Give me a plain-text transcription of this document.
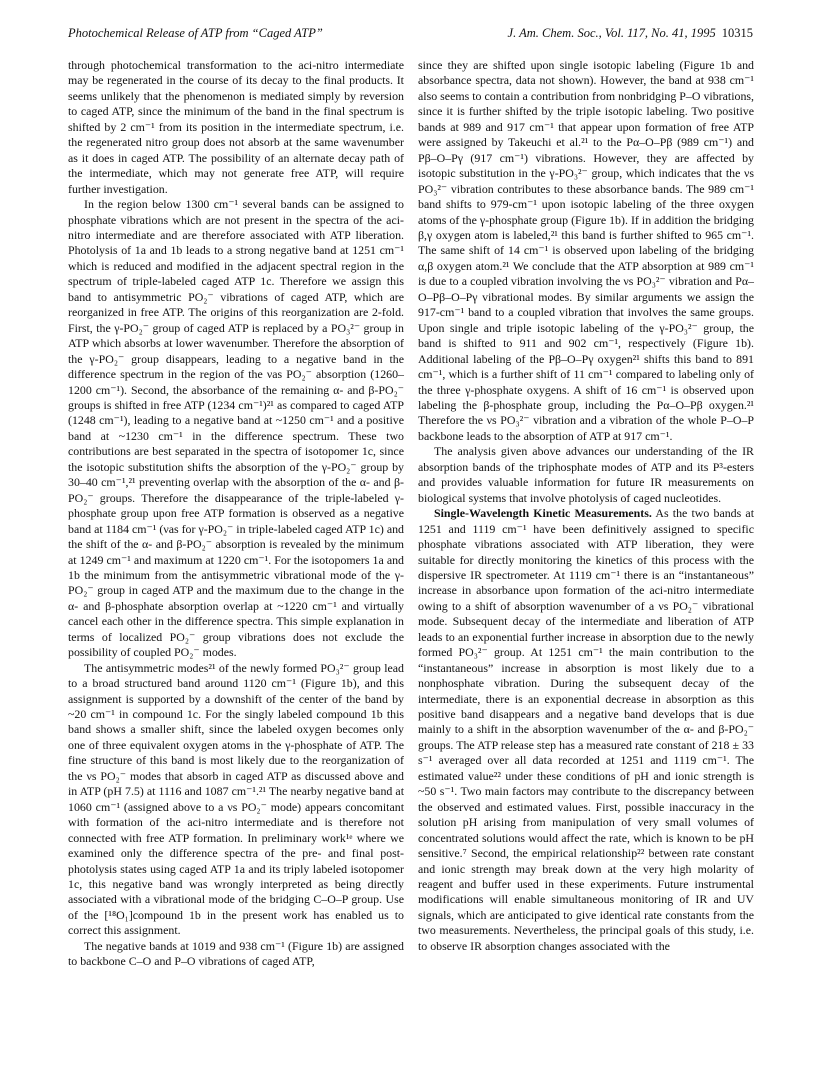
Photochemical Release of ATP from “Caged ATP”	J. Am. Chem. Soc., Vol. 117, No. 41, 1995 10315

through photochemical transformation to the aci-nitro intermediate may be regenerated in the course of its decay to the final products. It seems unlikely that the phenomenon is mediated simply by reversion to caged ATP, since the minimum of the band in the final spectrum is shifted by 2 cm⁻¹ from its position in the intermediate spectrum, i.e. the regenerated nitro group does not absorb at the same wavenumber as it does in caged ATP. The possibility of an alternate decay path of the intermediate, which may not generate free ATP, will require further investigation.

In the region below 1300 cm⁻¹ several bands can be assigned to phosphate vibrations which are not present in the spectra of the aci-nitro intermediate and are therefore associated with ATP liberation. Photolysis of 1a and 1b leads to a strong negative band at 1251 cm⁻¹ which is reduced and modified in the adjacent spectral region in the spectrum of triple-labeled caged ATP 1c. Therefore we assign this band to antisymmetric PO₂⁻ vibrations of caged ATP, which are reorganized in free ATP. The origins of this reorganization are 2-fold. First, the γ-PO₂⁻ group of caged ATP is replaced by a PO₃²⁻ group in ATP which absorbs at lower wavenumber. Therefore the absorption of the γ-PO₂⁻ group disappears, leading to a negative band in the difference spectrum in the region of the νas PO₂⁻ absorption (1260–1200 cm⁻¹). Second, the absorbance of the remaining α- and β-PO₂⁻ groups is shifted in free ATP (1234 cm⁻¹)²¹ as compared to caged ATP (1248 cm⁻¹), leading to a negative band at ~1250 cm⁻¹ and a positive band at ~1230 cm⁻¹ in the difference spectrum. These two contributions are best separated in the spectra of isotopomer 1c, since the isotopic substitution shifts the absorption of the γ-PO₂⁻ group by 30–40 cm⁻¹,²¹ preventing overlap with the absorption of the α- and β-PO₂⁻ groups. Therefore the disappearance of the triple-labeled γ-phosphate group upon free ATP formation is observed as a negative band at 1184 cm⁻¹ (νas for γ-PO₂⁻ in triple-labeled caged ATP 1c) and the shift of the α- and β-PO₂⁻ absorption is revealed by the minimum at 1249 cm⁻¹ and maximum at 1220 cm⁻¹. For the isotopomers 1a and 1b the minimum from the antisymmetric vibrational mode of the γ-PO₂⁻ group in caged ATP and the maximum due to the change in the α- and β-phosphate absorption overlap at ~1220 cm⁻¹ and virtually cancel each other in the difference spectra. This simple explanation in terms of localized PO₂⁻ group vibrations does not exclude the possibility of coupled PO₂⁻ modes.

The antisymmetric modes²¹ of the newly formed PO₃²⁻ group lead to a broad structured band around 1120 cm⁻¹ (Figure 1b), and this assignment is supported by a downshift of the center of the band by ~20 cm⁻¹ in compound 1c. For the singly labeled compound 1b this band shows a smaller shift, since the labeled oxygen becomes only one of three equivalent oxygen atoms in the γ-phosphate of ATP. The fine structure of this band is most likely due to the reorganization of the νs PO₂⁻ modes that absorb in caged ATP as discussed above and in ATP (pH 7.5) at 1116 and 1087 cm⁻¹.²¹ The nearby negative band at 1060 cm⁻¹ (assigned above to a νs PO₂⁻ mode) appears concomitant with formation of the aci-nitro intermediate and is therefore not connected with free ATP formation. In preliminary work¹ᵉ where we examined only the difference spectra of the pre- and final post-photolysis states using caged ATP 1a and its triply labeled isotopomer 1c, this negative band was wrongly interpreted as being directly associated with a vibrational mode of the bridging C–O–P group. Use of the [¹⁸O₁]compound 1b in the present work has enabled us to correct this assignment.

The negative bands at 1019 and 938 cm⁻¹ (Figure 1b) are assigned to backbone C–O and P–O vibrations of caged ATP,

since they are shifted upon single isotopic labeling (Figure 1b and absorbance spectra, data not shown). However, the band at 938 cm⁻¹ also seems to contain a contribution from nonbridging P–O vibrations, since it is further shifted by the triple isotopic labeling. Two positive bands at 989 and 917 cm⁻¹ that appear upon formation of free ATP were assigned by Takeuchi et al.²¹ to the Pα–O–Pβ (989 cm⁻¹) and Pβ–O–Pγ (917 cm⁻¹) vibrations. However, they are affected by isotopic substitution in the γ-PO₃²⁻ group, which indicates that the νs PO₃²⁻ vibration contributes to these absorbance bands. The 989 cm⁻¹ band shifts to 979-cm⁻¹ upon isotopic labeling of the three oxygen atoms of the γ-phosphate group (Figure 1b). If in addition the bridging β,γ oxygen atom is labeled,²¹ this band is further shifted to 965 cm⁻¹. The same shift of 14 cm⁻¹ is observed upon labeling of the bridging α,β oxygen atom.²¹ We conclude that the ATP absorption at 989 cm⁻¹ is due to a coupled vibration involving the νs PO₃²⁻ vibration and Pα–O–Pβ–O–Pγ vibrational modes. By similar arguments we assign the 917-cm⁻¹ band to a coupled vibration that involves the same groups. Upon single and triple isotopic labeling of the γ-PO₃²⁻ group, the band is shifted to 911 and 902 cm⁻¹, respectively (Figure 1b). Additional labeling of the Pβ–O–Pγ oxygen²¹ shifts this band to 891 cm⁻¹, which is a further shift of 11 cm⁻¹ compared to labeling only of the three γ-phosphate oxygens. A shift of 16 cm⁻¹ is observed upon labeling the β-phosphate group, including the Pα–O–Pβ oxygen.²¹ Therefore the νs PO₃²⁻ vibration and a vibration of the whole P–O–P backbone leads to the absorption of ATP at 917 cm⁻¹.

The analysis given above advances our understanding of the IR absorption bands of the triphosphate modes of ATP and its P³-esters and provides valuable information for future IR measurements on biological systems that involve photolysis of caged nucleotides.

Single-Wavelength Kinetic Measurements. As the two bands at 1251 and 1119 cm⁻¹ have been definitively assigned to specific phosphate vibrations associated with ATP liberation, they were suitable for directly monitoring the kinetics of this process with the dispersive IR spectrometer. At 1119 cm⁻¹ there is an “instantaneous” increase in absorbance upon formation of the aci-nitro intermediate owing to a shift of absorption wavenumber of a νs PO₂⁻ vibrational mode. Subsequent decay of the intermediate and liberation of ATP leads to an exponential further increase in absorption due to the newly formed PO₃²⁻ group. At 1251 cm⁻¹ the main contribution to the “instantaneous” increase in absorption is most likely due to a nonphosphate vibration. During the subsequent decay of the intermediate, there is an exponential decrease in absorption as this positive band disappears and a negative band develops that is due mainly to a shift in the absorption wavenumber of the α- and β-PO₂⁻ groups. The ATP release step has a measured rate constant of 218 ± 33 s⁻¹ averaged over all data recorded at 1251 and 1119 cm⁻¹. The estimated value²² under these conditions of pH and ionic strength is ~50 s⁻¹. Two main factors may contribute to the discrepancy between the observed and estimated values. First, possible inaccuracy in the solution pH arising from manipulation of very small volumes of concentrated solutions would affect the rate, which is known to be pH sensitive.⁷ Second, the empirical relationship²² between rate constant and ionic strength may break down at the very high molarity of reagent and buffer used in these experiments. Future instrumental modifications will enable simultaneous monitoring of IR and UV signals, which are anticipated to give identical rate constants from the two measurements. Nevertheless, the principal goals of this study, i.e. to observe IR absorption changes associated with the
